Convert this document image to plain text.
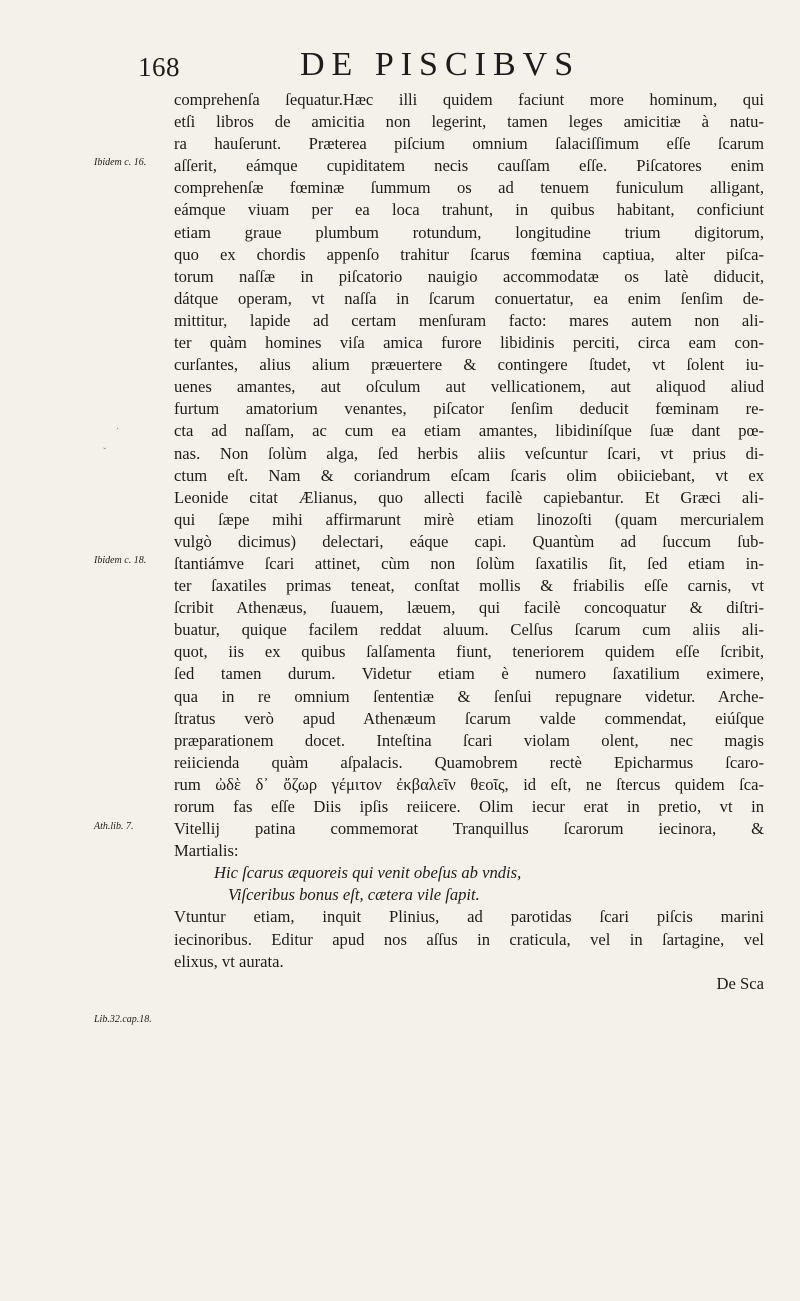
168	DE PISCIBVS
Ibidem c. 16.
Ibidem c. 18.
Ath.lib. 7.
Lib.32.cap.18.
·
ˇ
comprehenſa ſequatur.Hæc illi quidem faciunt more hominum, qui
etſi libros de amicitia non legerint, tamen leges amicitiæ à natu-
ra hauſerunt. Præterea piſcium omnium ſalaciſſimum eſſe ſcarum
aſſerit, eámque cupiditatem necis cauſſam eſſe. Piſcatores enim
comprehenſæ fœminæ ſummum os ad tenuem funiculum alligant,
eámque viuam per ea loca trahunt, in quibus habitant, conficiunt
etiam graue plumbum rotundum, longitudine trium digitorum,
quo ex chordis appenſo trahitur ſcarus fœmina captiua, alter piſca-
torum naſſæ in piſcatorio nauigio accommodatæ os latè diducit,
dátque operam, vt naſſa in ſcarum conuertatur, ea enim ſenſim de-
mittitur, lapide ad certam menſuram facto: mares autem non ali-
ter quàm homines viſa amica furore libidinis perciti, circa eam con-
curſantes, alius alium præuertere & contingere ſtudet, vt ſolent iu-
uenes amantes, aut oſculum aut vellicationem, aut aliquod aliud
furtum amatorium venantes, piſcator ſenſim deducit fœminam re-
cta ad naſſam, ac cum ea etiam amantes, libidiníſque ſuæ dant pœ-
nas. Non ſolùm alga, ſed herbis aliis veſcuntur ſcari, vt prius di-
ctum eſt. Nam & coriandrum eſcam ſcaris olim obiiciebant, vt ex
Leonide citat Ælianus, quo allecti facilè capiebantur. Et Græci ali-
qui ſæpe mihi affirmarunt mirè etiam linozoſti (quam mercurialem
vulgò dicimus) delectari, eáque capi. Quantùm ad ſuccum ſub-
ſtantiámve ſcari attinet, cùm non ſolùm ſaxatilis ſit, ſed etiam in-
ter ſaxatiles primas teneat, conſtat mollis & friabilis eſſe carnis, vt
ſcribit Athenæus, ſuauem, læuem, qui facilè concoquatur & diſtri-
buatur, quique facilem reddat aluum. Celſus ſcarum cum aliis ali-
quot, iis ex quibus ſalſamenta fiunt, teneriorem quidem eſſe ſcribit,
ſed tamen durum. Videtur etiam è numero ſaxatilium eximere,
qua in re omnium ſententiæ & ſenſui repugnare videtur. Arche-
ſtratus verò apud Athenæum ſcarum valde commendat, eiúſque
præparationem docet. Inteſtina ſcari violam olent, nec magis
reiicienda quàm aſpalacis. Quamobrem rectè Epicharmus ſcaro-
rum ὠδὲ δ᾽ ὄζωρ γέμιτον ἐκβαλεῖν θεοῖς, id eſt, ne ſtercus quidem ſca-
rorum fas eſſe Diis ipſis reiicere. Olim iecur erat in pretio, vt in
Vitellij patina commemorat Tranquillus ſcarorum iecinora, &
Martialis:
Hic ſcarus æquoreis qui venit obeſus ab vndis,
Viſceribus bonus eſt, cætera vile ſapit.
Vtuntur etiam, inquit Plinius, ad parotidas ſcari piſcis marini
iecinoribus. Editur apud nos aſſus in craticula, vel in ſartagine, vel
elixus, vt aurata.
De Sca
